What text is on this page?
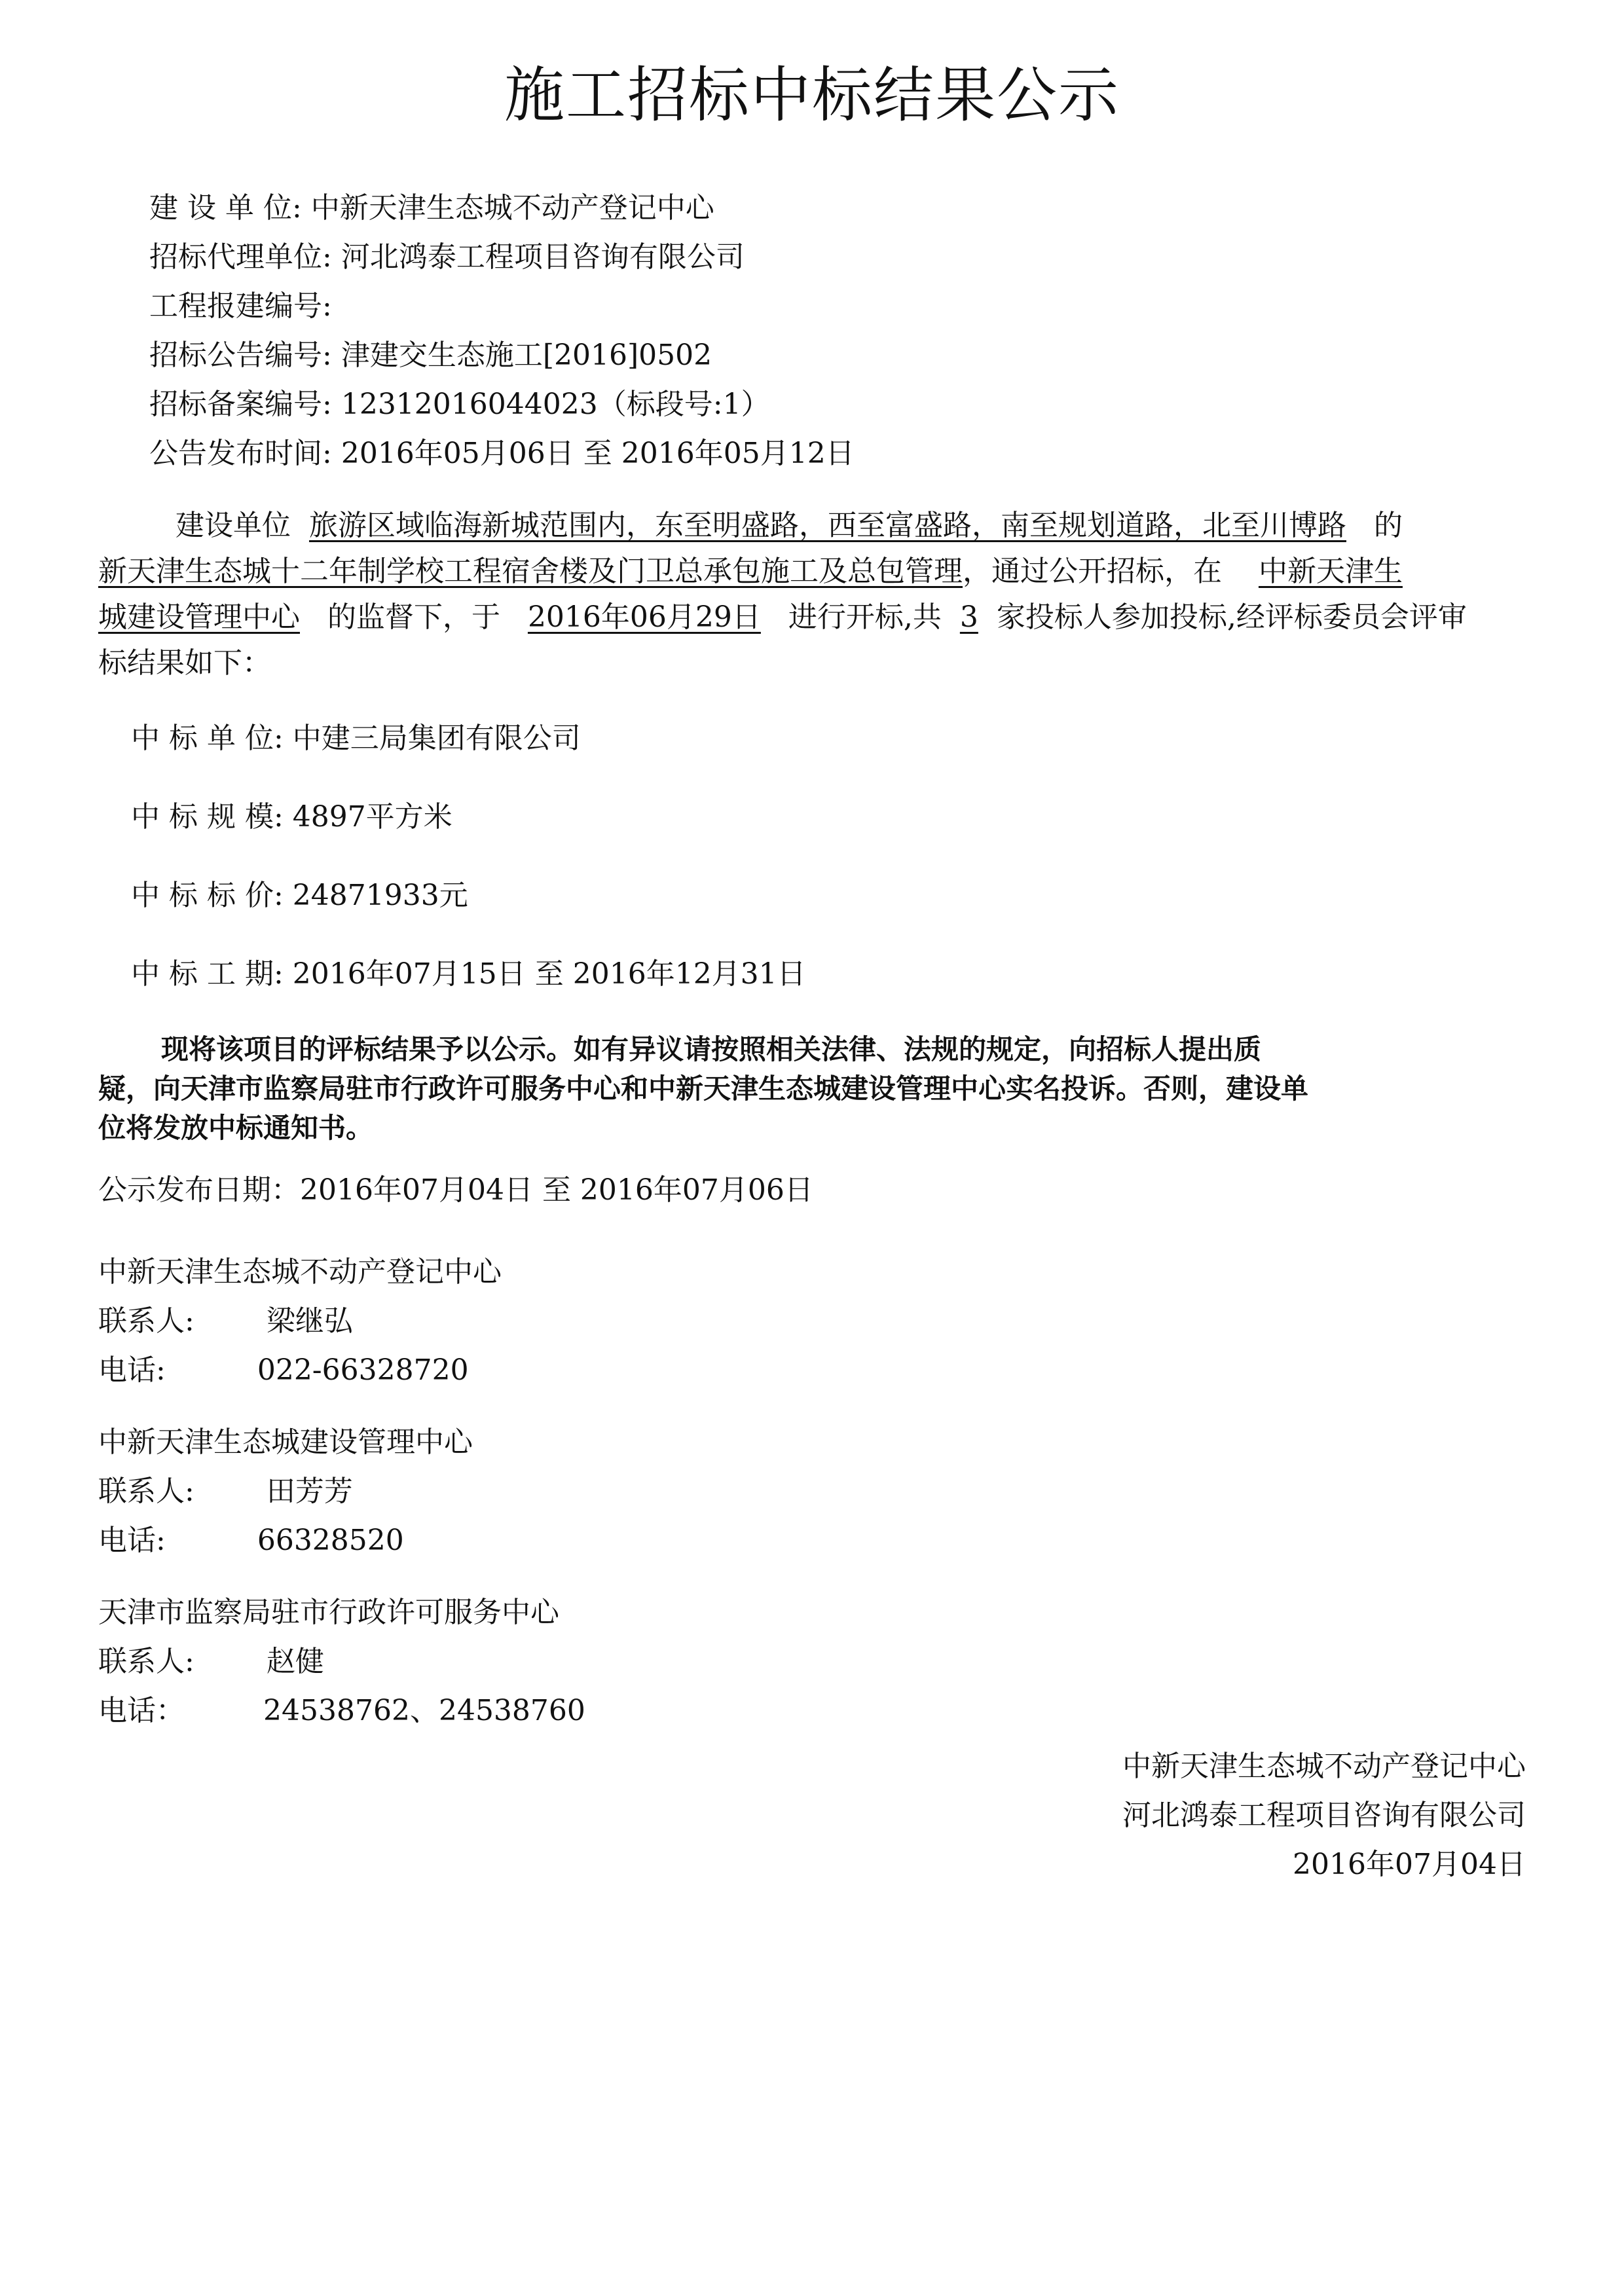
施工招标中标结果公示
建 设 单 位: 中新天津生态城不动产登记中心
招标代理单位: 河北鸿泰工程项目咨询有限公司
工程报建编号:
招标公告编号: 津建交生态施工[2016]0502
招标备案编号: 12312016044023（标段号:1）
公告发布时间: 2016年05月06日 至 2016年05月12日
建设单位 旅游区域临海新城范围内，东至明盛路，西至富盛路，南至规划道路，北至川博路 的
新天津生态城十二年制学校工程宿舍楼及门卫总承包施工及总包管理，通过公开招标，在 中新天津生
城建设管理中心 的监督下，于 2016年06月29日 进行开标,共 3 家投标人参加投标,经评标委员会评审
标结果如下：
中 标 单 位: 中建三局集团有限公司
中 标 规 模: 4897平方米
中 标 标 价: 24871933元
中 标 工 期: 2016年07月15日 至 2016年12月31日
现将该项目的评标结果予以公示。如有异议请按照相关法律、法规的规定，向招标人提出质
疑，向天津市监察局驻市行政许可服务中心和中新天津生态城建设管理中心实名投诉。否则，建设单
位将发放中标通知书。
公示发布日期：2016年07月04日 至 2016年07月06日
中新天津生态城不动产登记中心
联系人:	梁继弘
电话:	022-66328720
中新天津生态城建设管理中心
联系人:	田芳芳
电话:	66328520
天津市监察局驻市行政许可服务中心
联系人:	赵健
电话：	24538762、24538760
中新天津生态城不动产登记中心
河北鸿泰工程项目咨询有限公司
2016年07月04日
